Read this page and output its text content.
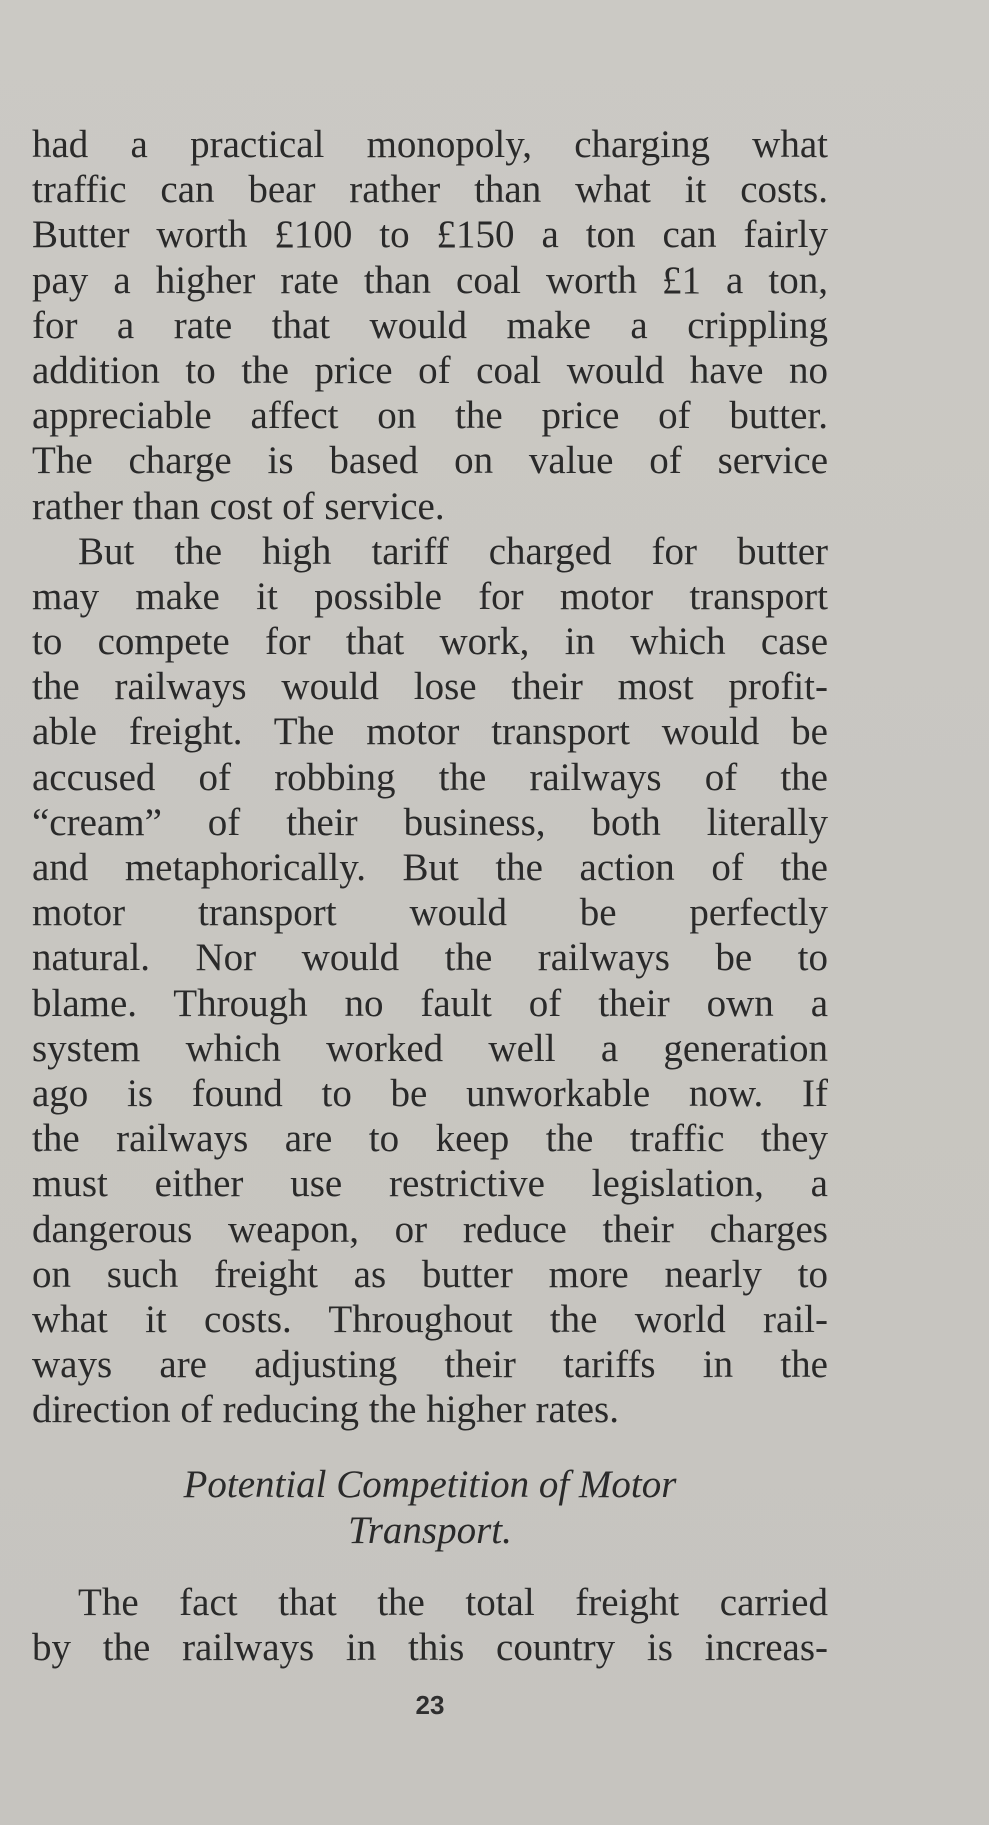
had a practical monopoly, charging what
traffic can bear rather than what it costs.
Butter worth £100 to £150 a ton can fairly
pay a higher rate than coal worth £1 a ton,
for a rate that would make a crippling
addition to the price of coal would have no
appreciable affect on the price of butter.
The charge is based on value of service
rather than cost of service.
But the high tariff charged for butter
may make it possible for motor transport
to compete for that work, in which case
the railways would lose their most profit-
able freight. The motor transport would be
accused of robbing the railways of the
“cream” of their business, both literally
and metaphorically. But the action of the
motor transport would be perfectly
natural. Nor would the railways be to
blame. Through no fault of their own a
system which worked well a generation
ago is found to be unworkable now. If
the railways are to keep the traffic they
must either use restrictive legislation, a
dangerous weapon, or reduce their charges
on such freight as butter more nearly to
what it costs. Throughout the world rail-
ways are adjusting their tariffs in the
direction of reducing the higher rates.
Potential Competition of Motor
Transport.
The fact that the total freight carried
by the railways in this country is increas-
23
